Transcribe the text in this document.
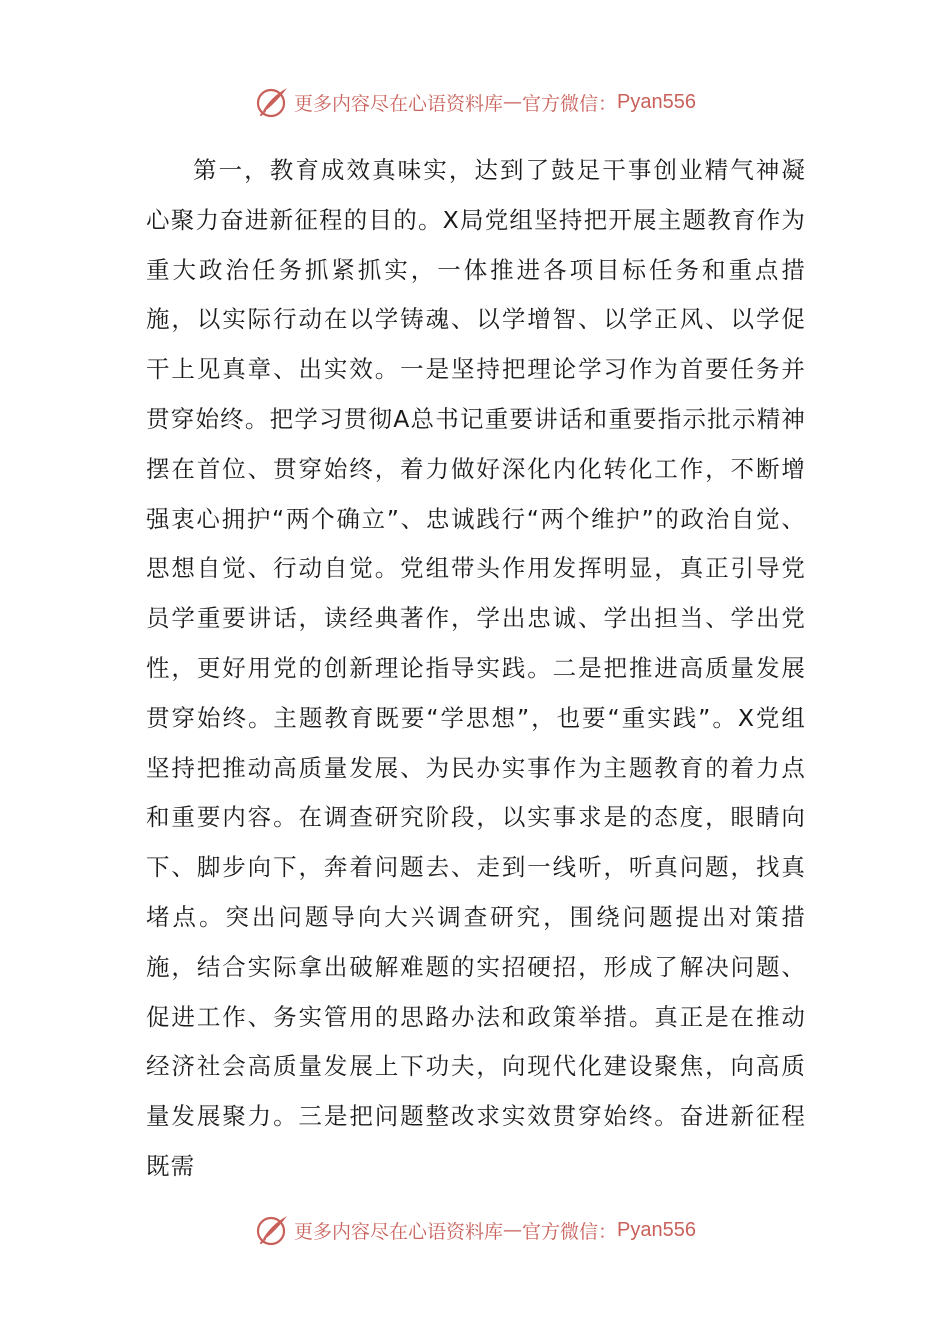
更多内容尽在心语资料库 — 官方微信： Pyan556

第一，教育成效真味实，达到了鼓足干事创业精气神凝心聚力奋进新征程的目的。X局党组坚持把开展主题教育作为重大政治任务抓紧抓实，一体推进各项目标任务和重点措施，以实际行动在以学铸魂、以学增智、以学正风、以学促干上见真章、出实效。一是坚持把理论学习作为首要任务并贯穿始终。把学习贯彻A总书记重要讲话和重要指示批示精神摆在首位、贯穿始终，着力做好深化内化转化工作，不断增强衷心拥护“两个确立”、忠诚践行“两个维护”的政治自觉、思想自觉、行动自觉。党组带头作用发挥明显，真正引导党员学重要讲话，读经典著作，学出忠诚、学出担当、学出党性，更好用党的创新理论指导实践。二是把推进高质量发展贯穿始终。主题教育既要“学思想”，也要“重实践”。X党组坚持把推动高质量发展、为民办实事作为主题教育的着力点和重要内容。在调查研究阶段，以实事求是的态度，眼睛向下、脚步向下，奔着问题去、走到一线听，听真问题，找真堵点。突出问题导向大兴调查研究，围绕问题提出对策措施，结合实际拿出破解难题的实招硬招，形成了解决问题、促进工作、务实管用的思路办法和政策举措。真正是在推动经济社会高质量发展上下功夫，向现代化建设聚焦，向高质量发展聚力。三是把问题整改求实效贯穿始终。奋进新征程既需

更多内容尽在心语资料库 — 官方微信： Pyan556
